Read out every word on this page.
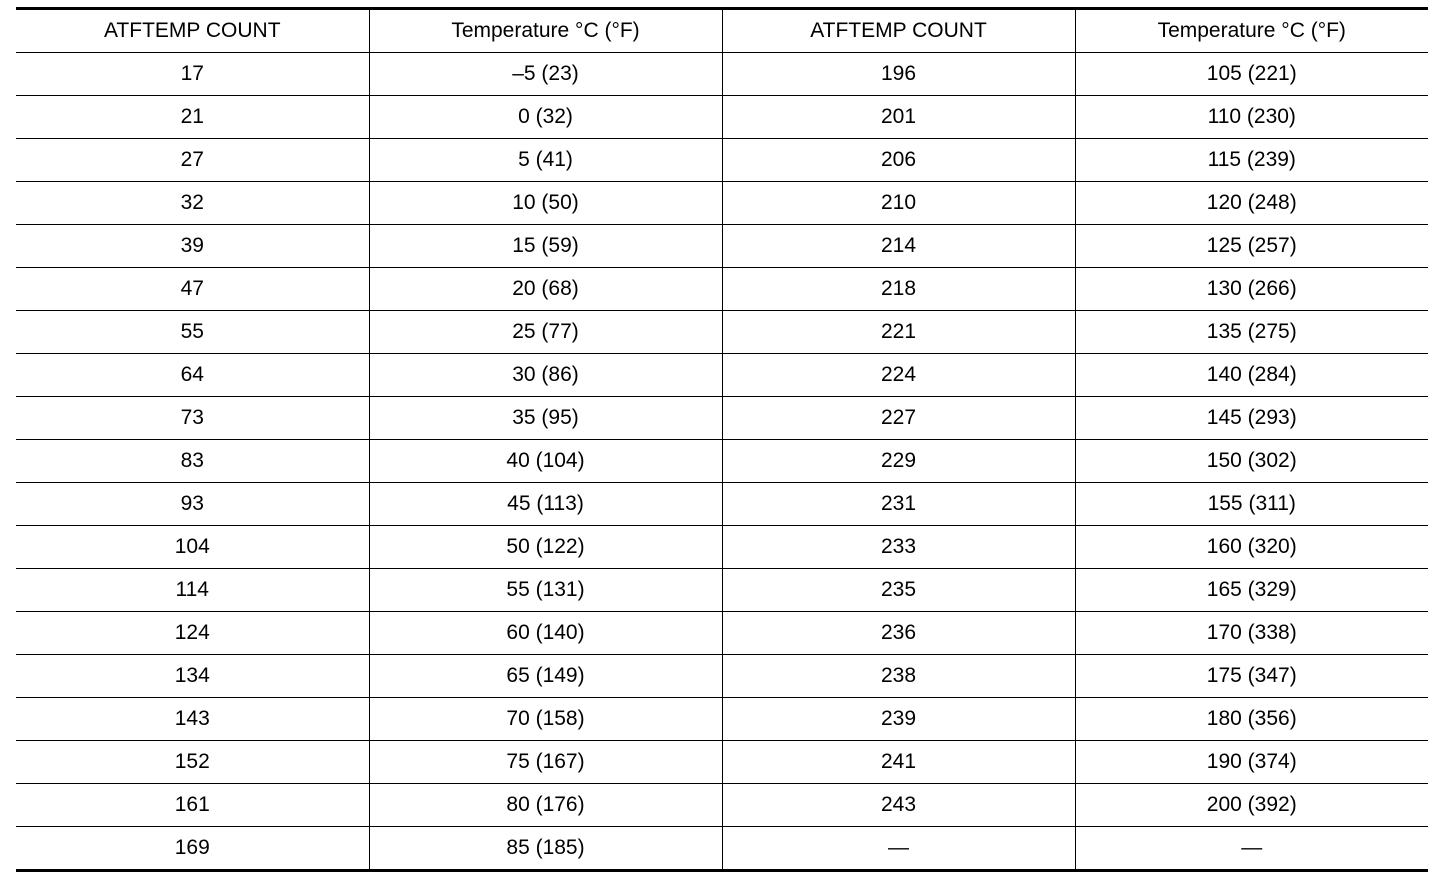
ATFTEMP COUNT	Temperature °C (°F)	ATFTEMP COUNT	Temperature °C (°F)
17	–5 (23)	196	105 (221)
21	0 (32)	201	110 (230)
27	5 (41)	206	115 (239)
32	10 (50)	210	120 (248)
39	15 (59)	214	125 (257)
47	20 (68)	218	130 (266)
55	25 (77)	221	135 (275)
64	30 (86)	224	140 (284)
73	35 (95)	227	145 (293)
83	40 (104)	229	150 (302)
93	45 (113)	231	155 (311)
104	50 (122)	233	160 (320)
114	55 (131)	235	165 (329)
124	60 (140)	236	170 (338)
134	65 (149)	238	175 (347)
143	70 (158)	239	180 (356)
152	75 (167)	241	190 (374)
161	80 (176)	243	200 (392)
169	85 (185)	—	—
